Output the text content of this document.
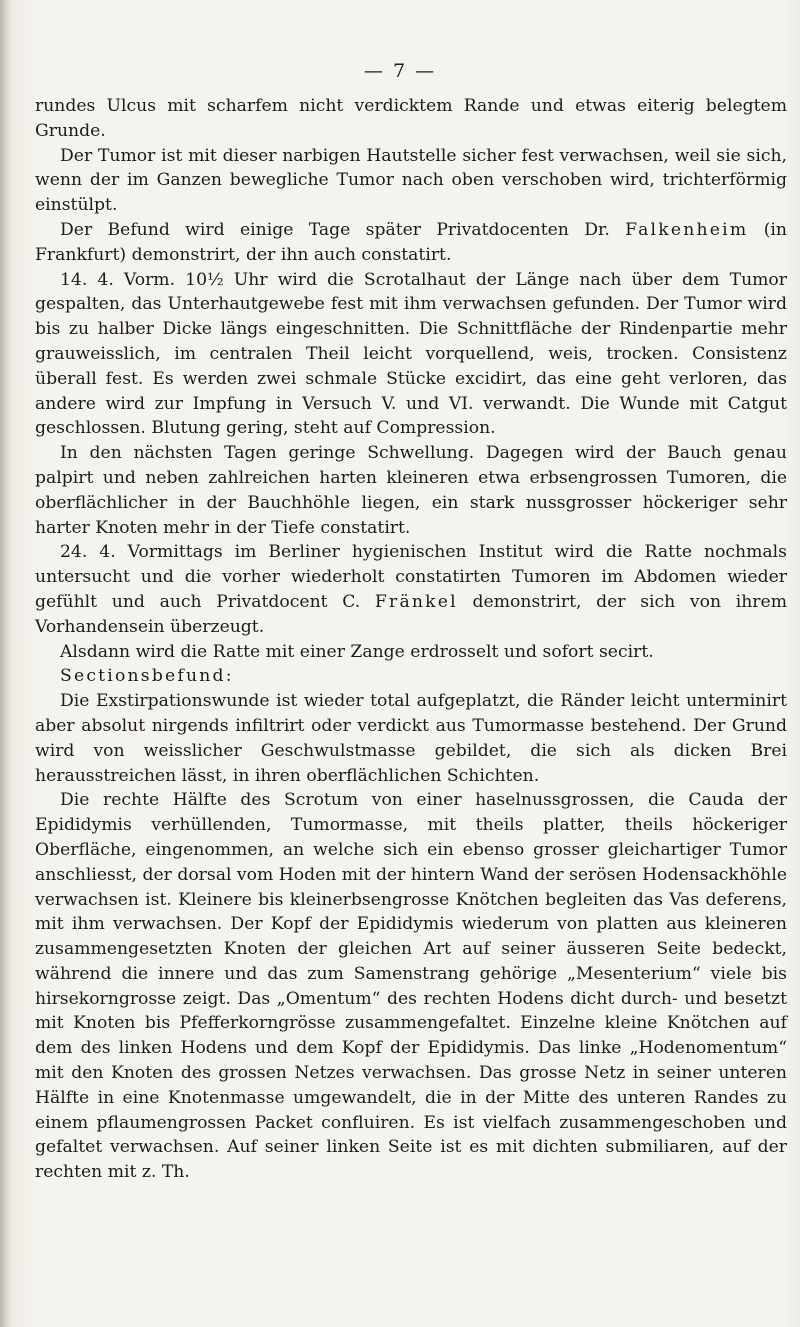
— 7 —

rundes Ulcus mit scharfem nicht verdicktem Rande und etwas eiterig belegtem Grunde.

Der Tumor ist mit dieser narbigen Hautstelle sicher fest verwachsen, weil sie sich, wenn der im Ganzen bewegliche Tumor nach oben verschoben wird, trichterförmig einstülpt.

Der Befund wird einige Tage später Privatdocenten Dr. Falkenheim (in Frankfurt) demonstrirt, der ihn auch constatirt.

14. 4. Vorm. 10½ Uhr wird die Scrotalhaut der Länge nach über dem Tumor gespalten, das Unterhautgewebe fest mit ihm verwachsen gefunden. Der Tumor wird bis zu halber Dicke längs eingeschnitten. Die Schnittfläche der Rindenpartie mehr grauweisslich, im centralen Theil leicht vorquellend, weis, trocken. Consistenz überall fest. Es werden zwei schmale Stücke excidirt, das eine geht verloren, das andere wird zur Impfung in Versuch V. und VI. verwandt. Die Wunde mit Catgut geschlossen. Blutung gering, steht auf Compression.

In den nächsten Tagen geringe Schwellung. Dagegen wird der Bauch genau palpirt und neben zahlreichen harten kleineren etwa erbsengrossen Tumoren, die oberflächlicher in der Bauchhöhle liegen, ein stark nussgrosser höckeriger sehr harter Knoten mehr in der Tiefe constatirt.

24. 4. Vormittags im Berliner hygienischen Institut wird die Ratte nochmals untersucht und die vorher wiederholt constatirten Tumoren im Abdomen wieder gefühlt und auch Privatdocent C. Fränkel demonstrirt, der sich von ihrem Vorhandensein überzeugt.

Alsdann wird die Ratte mit einer Zange erdrosselt und sofort secirt.

Sectionsbefund:

Die Exstirpationswunde ist wieder total aufgeplatzt, die Ränder leicht unterminirt aber absolut nirgends infiltrirt oder verdickt aus Tumormasse bestehend. Der Grund wird von weisslicher Geschwulstmasse gebildet, die sich als dicken Brei herausstreichen lässt, in ihren oberflächlichen Schichten.

Die rechte Hälfte des Scrotum von einer haselnussgrossen, die Cauda der Epididymis verhüllenden, Tumormasse, mit theils platter, theils höckeriger Oberfläche, eingenommen, an welche sich ein ebenso grosser gleichartiger Tumor anschliesst, der dorsal vom Hoden mit der hintern Wand der serösen Hodensackhöhle verwachsen ist. Kleinere bis kleinerbsengrosse Knötchen begleiten das Vas deferens, mit ihm verwachsen. Der Kopf der Epididymis wiederum von platten aus kleineren zusammengesetzten Knoten der gleichen Art auf seiner äusseren Seite bedeckt, während die innere und das zum Samenstrang gehörige „Mesenterium“ viele bis hirsekorngrosse zeigt. Das „Omentum“ des rechten Hodens dicht durch- und besetzt mit Knoten bis Pfefferkorngrösse zusammengefaltet. Einzelne kleine Knötchen auf dem des linken Hodens und dem Kopf der Epididymis. Das linke „Hodenomentum“ mit den Knoten des grossen Netzes verwachsen. Das grosse Netz in seiner unteren Hälfte in eine Knotenmasse umgewandelt, die in der Mitte des unteren Randes zu einem pflaumengrossen Packet confluiren. Es ist vielfach zusammengeschoben und gefaltet verwachsen. Auf seiner linken Seite ist es mit dichten submiliaren, auf der rechten mit z. Th.
